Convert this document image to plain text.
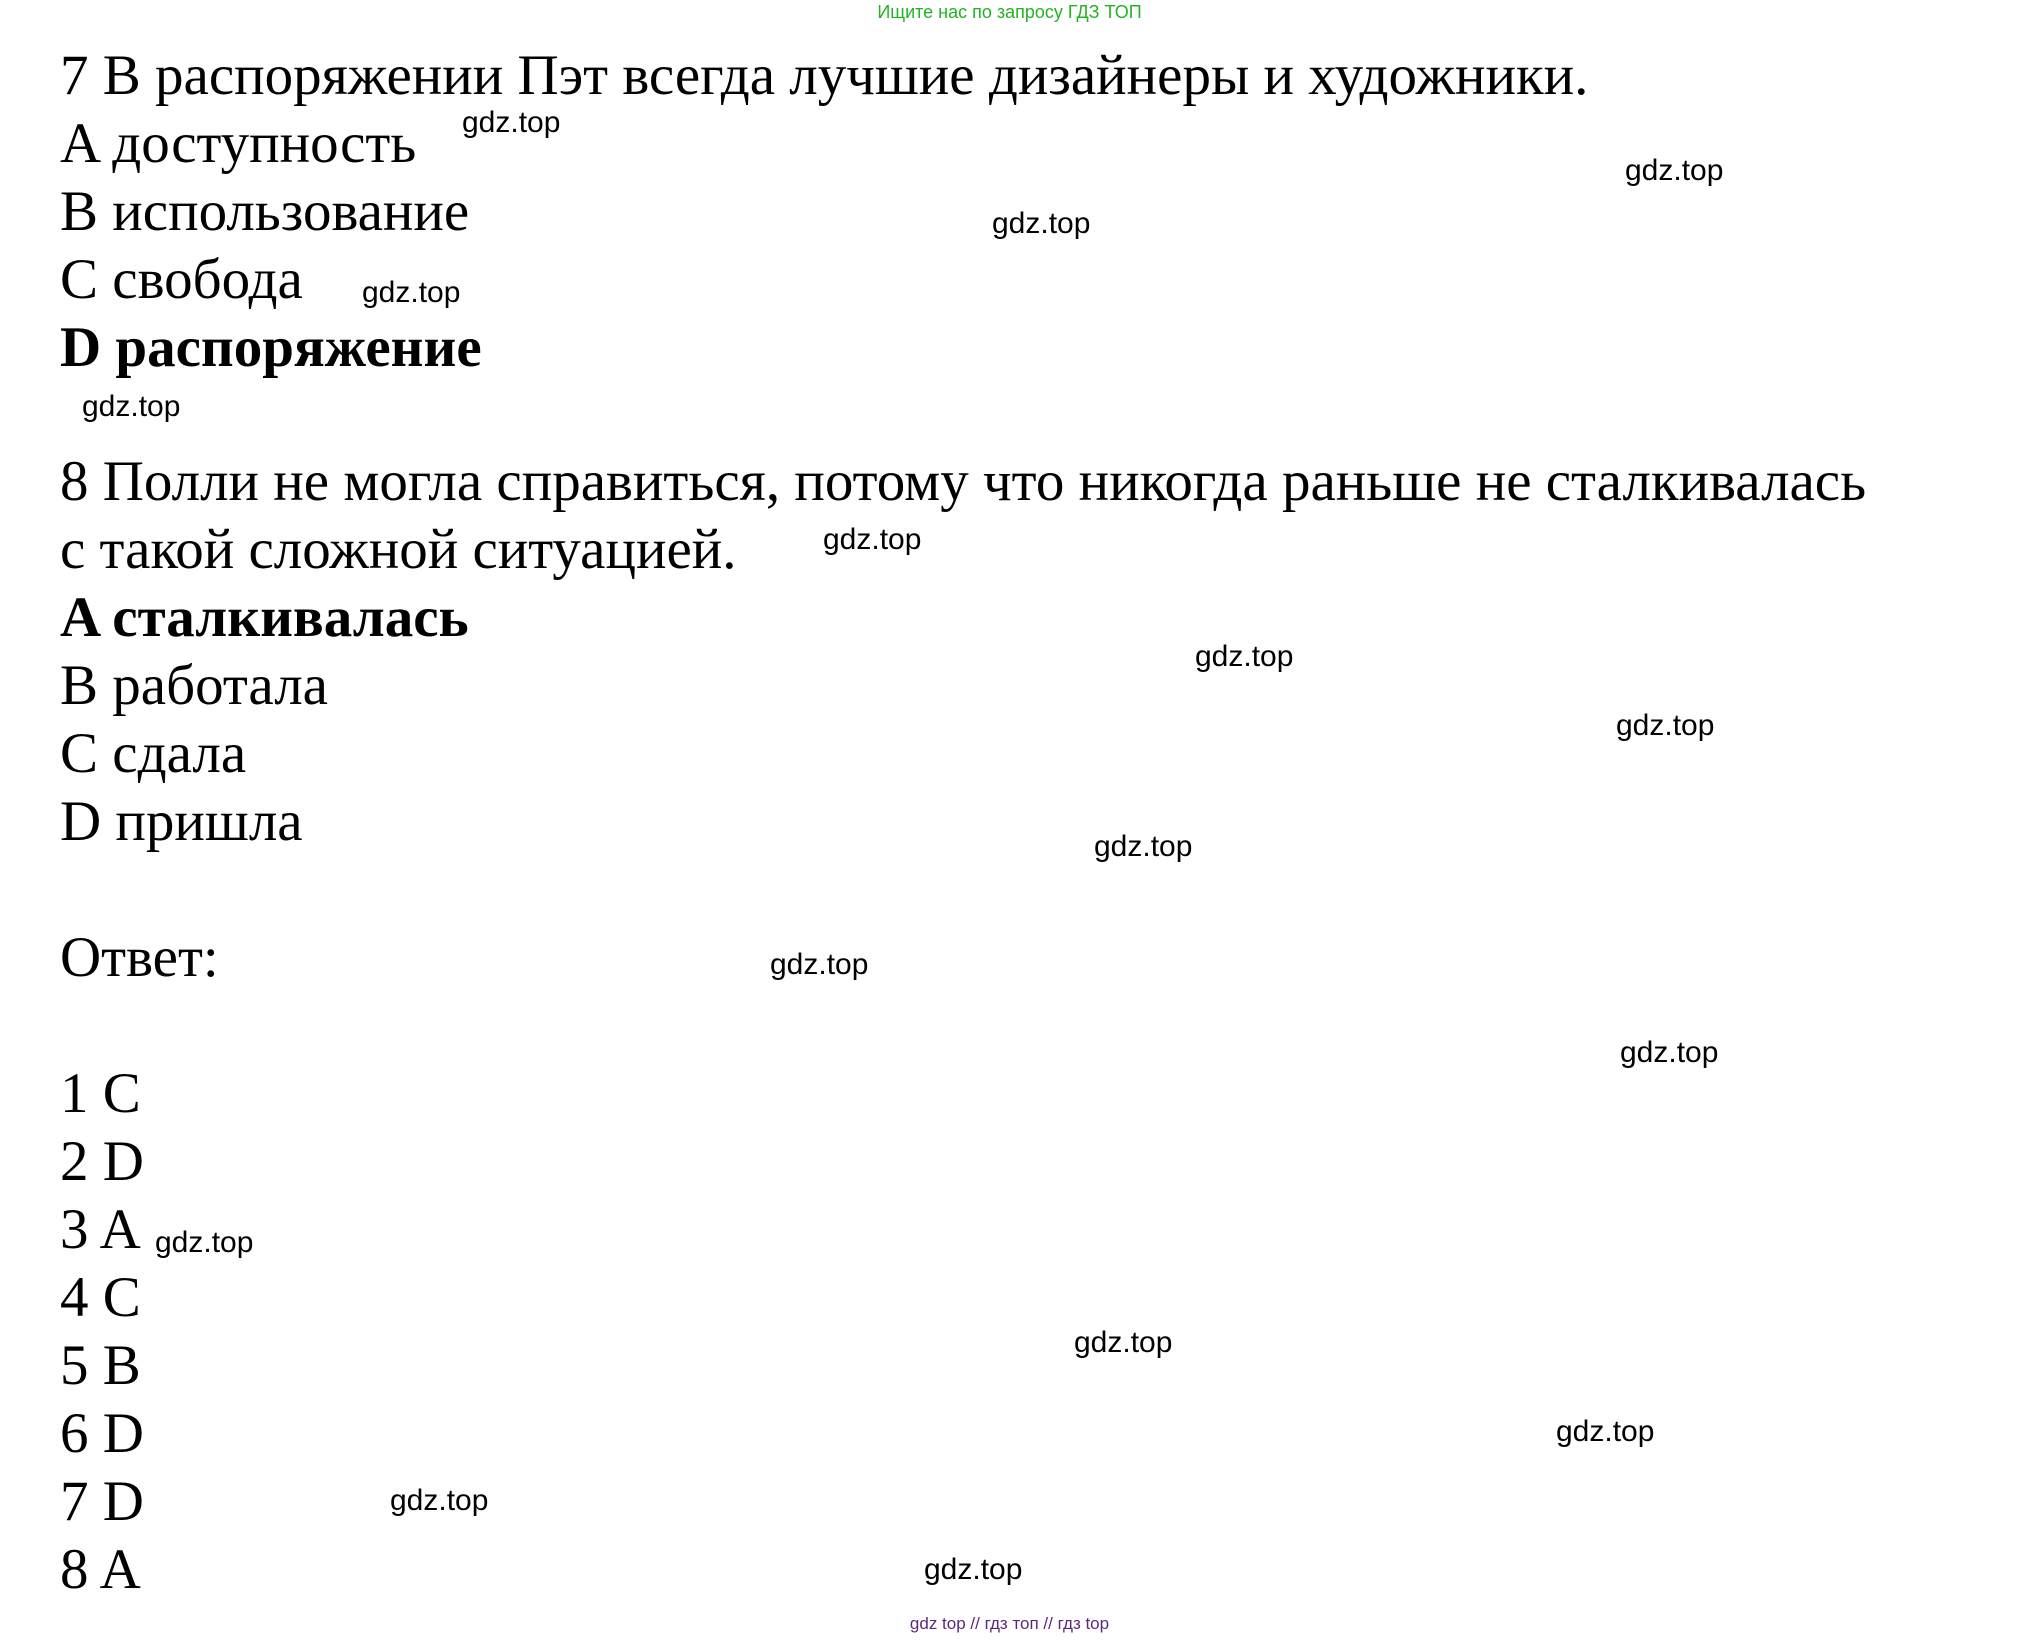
Ищите нас по запросу ГДЗ ТОП
7 В распоряжении Пэт всегда лучшие дизайнеры и художники.
A доступность
B использование
C свобода
D распоряжение
8 Полли не могла справиться, потому что никогда раньше не сталкивалась
с такой сложной ситуацией.
A сталкивалась
B работала
C сдала
D пришла
Ответ:
1 C
2 D
3 A
4 C
5 B
6 D
7 D
8 A
gdz.top
gdz.top
gdz.top
gdz.top
gdz.top
gdz.top
gdz.top
gdz.top
gdz.top
gdz.top
gdz.top
gdz.top
gdz.top
gdz.top
gdz.top
gdz.top
gdz top // гдз топ // гдз top
